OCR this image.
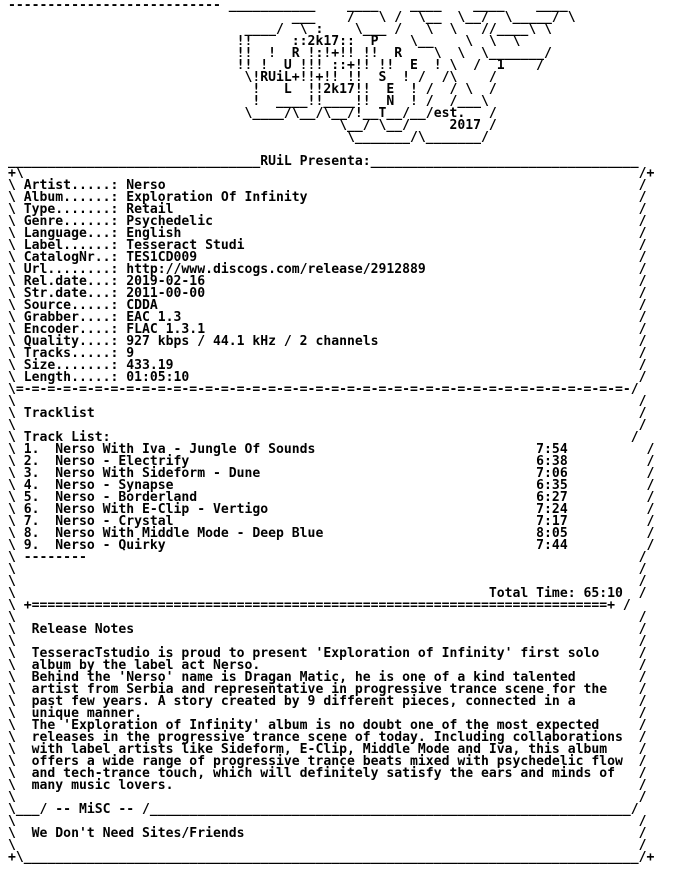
--------------------------- ___________    ____    ____    ____    ____
___    /   \ /  \__  \__/  \_____/ \
____/  \ :    \___ /   \  \   //____\ \
!!     ::2k17::  P    \__    \  \  \
!!  !  R !:!+!! !!  R    \  \  \_______/
!! !  U !!! ::+!! !!  E  ! \  /  1    /
\!RUiL+!!+!! !!  S  ! /  /\    /
!   L  !!2k17!!  E  ! /  / \  /
!  ____!!____!!  N  ! /  /___\
\____/\__/\__/!__T__/__/est.   /
\__/ \__/     2017 /
\_______/\_______/

________________________________RUiL Presenta:__________________________________
+\                                                                              /+
\ Artist.....: Nerso                                                            /
\ Album......: Exploration Of Infinity                                          /
\ Type.......: Retail                                                           /
\ Genre......: Psychedelic                                                      /
\ Language...: English                                                          /
\ Label......: Tesseract Studi                                                  /
\ CatalogNr..: TES1CD009                                                        /
\ Url........: http://www.discogs.com/release/2912889                           /
\ Rel.date...: 2019-02-16                                                       /
\ Str.date...: 2011-00-00                                                       /
\ Source.....: CDDA                                                             /
\ Grabber....: EAC 1.3                                                          /
\ Encoder....: FLAC 1.3.1                                                       /
\ Quality....: 927 kbps / 44.1 kHz / 2 channels                                 /
\ Tracks.....: 9                                                                /
\ Size.......: 433.19                                                           /
\ Length.....: 01:05:10                                                         /
\=-=-=-=-=-=-=-=-=-=-=-=-=-=-=-=-=-=-=-=-=-=-=-=-=-=-=-=-=-=-=-=-=-=-=-=-=-=-=-/
\                                                                               /
\ Tracklist                                                                     /
\                                                                               /
\ Track List:                                                                  /
\ 1.  Nerso With Iva - Jungle Of Sounds                            7:54          /
\ 2.  Nerso - Electrify                                            6:38          /
\ 3.  Nerso With Sideform - Dune                                   7:06          /
\ 4.  Nerso - Synapse                                              6:35          /
\ 5.  Nerso - Borderland                                           6:27          /
\ 6.  Nerso With E-Clip - Vertigo                                  7:24          /
\ 7.  Nerso - Crystal                                              7:17          /
\ 8.  Nerso With Middle Mode - Deep Blue                           8:05          /
\ 9.  Nerso - Quirky                                               7:44          /
\ --------                                                                      /
\                                                                               /
\                                                                               /
\                                                            Total Time: 65:10  /
\ +=========================================================================+ /
\                                                                               /
\  Release Notes                                                                /
\                                                                               /
\  TesseracTstudio is proud to present 'Exploration of Infinity' first solo     /
\  album by the label act Nerso.                                                /
\  Behind the 'Nerso' name is Dragan Matic, he is one of a kind talented        /
\  artist from Serbia and representative in progressive trance scene for the    /
\  past few years. A story created by 9 different pieces, connected in a        /
\  unique manner.                                                               /
\  The 'Exploration of Infinity' album is no doubt one of the most expected     /
\  releases in the progressive trance scene of today. Including collaborations  /
\  with label artists like Sideform, E-Clip, Middle Mode and Iva, this album    /
\  offers a wide range of progressive trance beats mixed with psychedelic flow  /
\  and tech-trance touch, which will definitely satisfy the ears and minds of   /
\  many music lovers.                                                           /
\                                                                               /
\___/ -- MiSC -- /_____________________________________________________________/
\                                                                               /
\  We Don't Need Sites/Friends                                                  /
\                                                                               /
+\______________________________________________________________________________/+
